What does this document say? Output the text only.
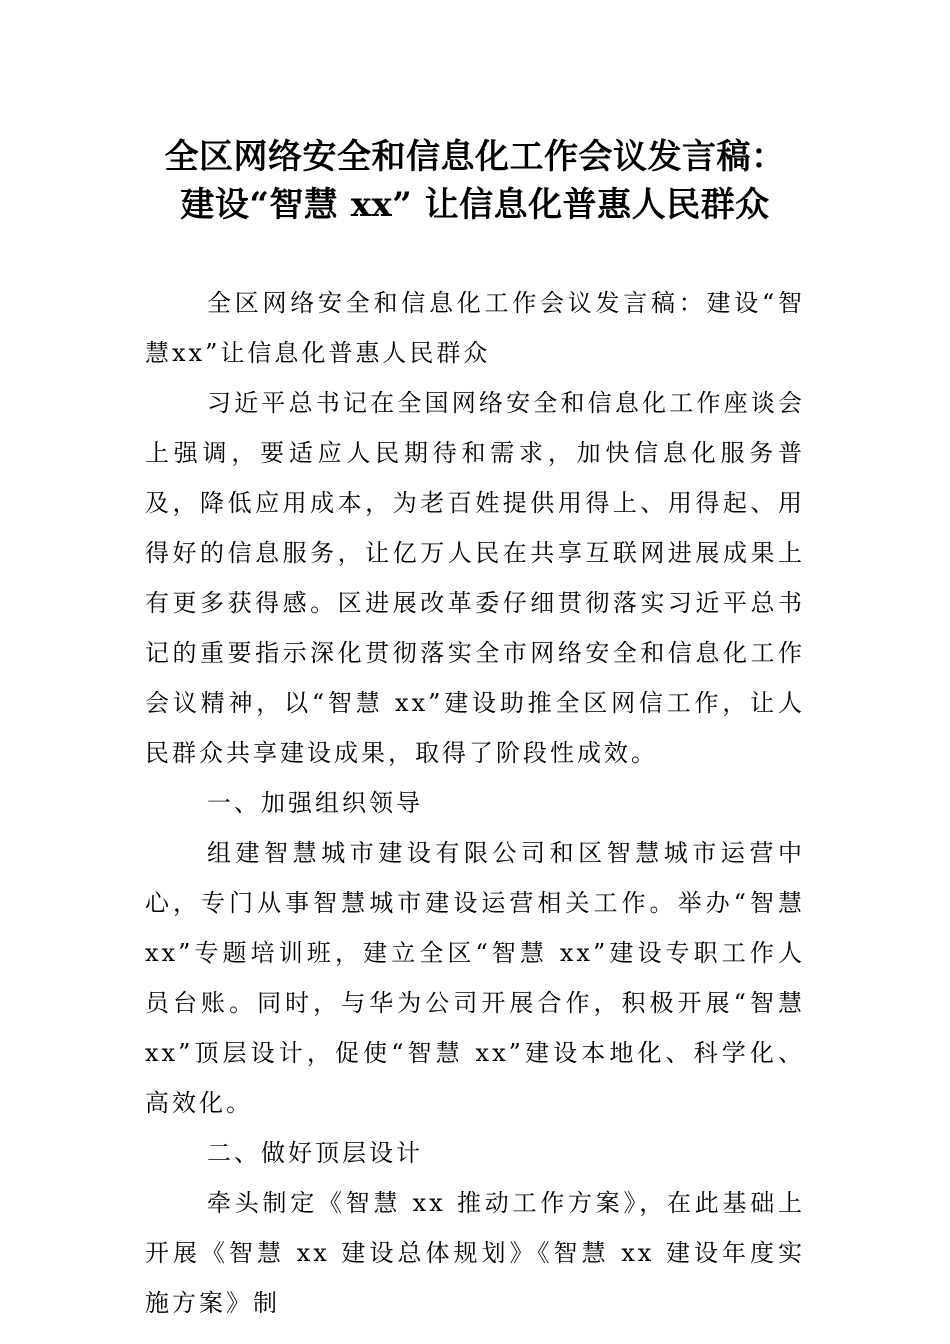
全区网络安全和信息化工作会议发言稿：
建设“智慧 xx” 让信息化普惠人民群众

全区网络安全和信息化工作会议发言稿：建设“智慧xx”让信息化普惠人民群众

习近平总书记在全国网络安全和信息化工作座谈会上强调，要适应人民期待和需求，加快信息化服务普及，降低应用成本，为老百姓提供用得上、用得起、用得好的信息服务，让亿万人民在共享互联网进展成果上有更多获得感。区进展改革委仔细贯彻落实习近平总书记的重要指示深化贯彻落实全市网络安全和信息化工作会议精神，以“智慧 xx”建设助推全区网信工作，让人民群众共享建设成果，取得了阶段性成效。

一、加强组织领导

组建智慧城市建设有限公司和区智慧城市运营中心，专门从事智慧城市建设运营相关工作。举办“智慧 xx”专题培训班，建立全区“智慧 xx”建设专职工作人员台账。同时，与华为公司开展合作，积极开展“智慧 xx”顶层设计，促使“智慧 xx”建设本地化、科学化、高效化。

二、做好顶层设计

牵头制定《智慧 xx 推动工作方案》，在此基础上开展《智慧 xx 建设总体规划》《智慧 xx 建设年度实施方案》制
